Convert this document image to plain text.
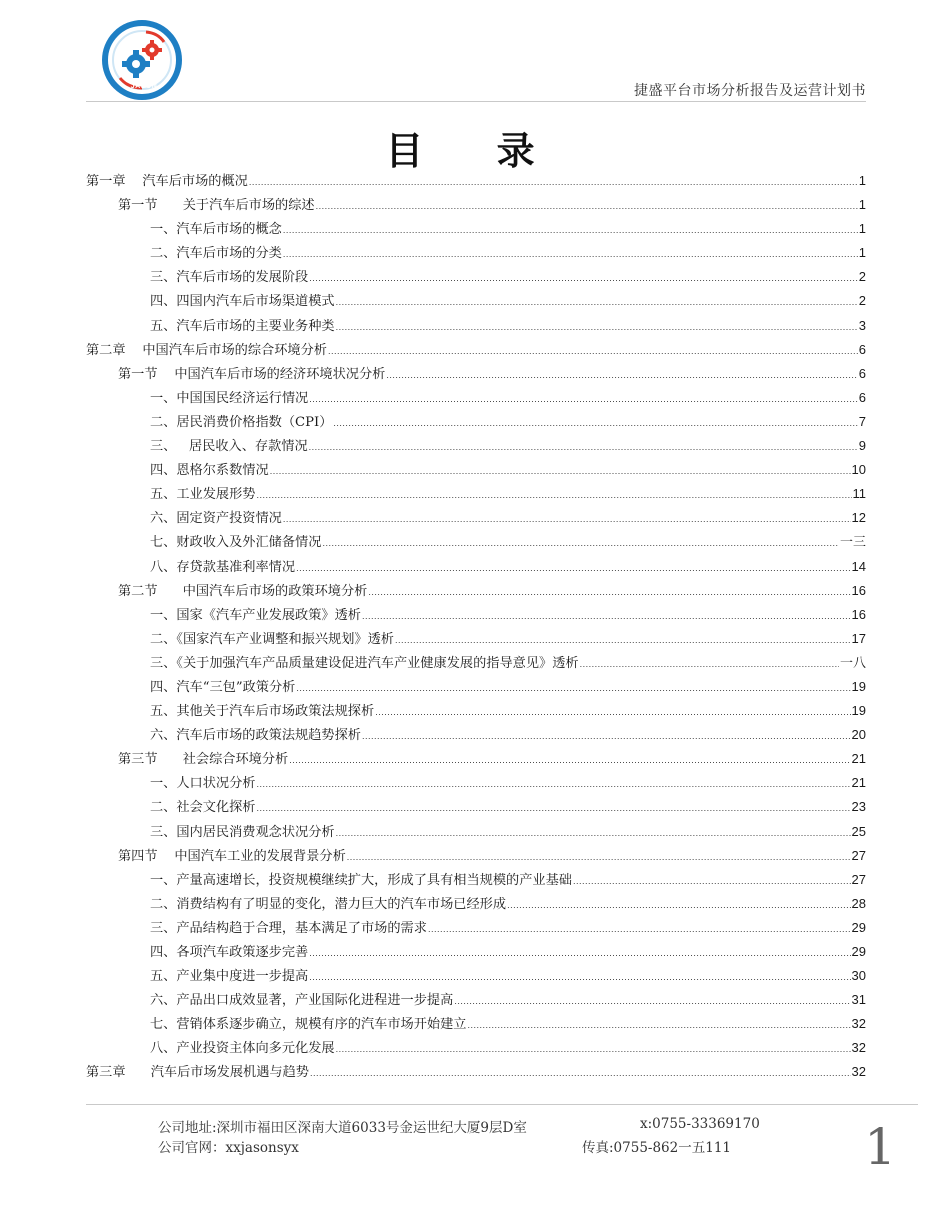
JASON	捷盛平台市场分析报告及运营计划书
目 录
第一章    汽车后市场的概况 .....	1
第一节      关于汽车后市场的综述 .....	1
一、汽车后市场的概念 .....	1
二、汽车后市场的分类 .....	1
三、汽车后市场的发展阶段 .....	2
四、四国内汽车后市场渠道模式 .....	2
五、汽车后市场的主要业务种类 .....	3
第二章    中国汽车后市场的综合环境分析 .....	6
第一节    中国汽车后市场的经济环境状况分析 .....	6
一、中国国民经济运行情况 .....	6
二、居民消费价格指数（CPI） .....	7
三、   居民收入、存款情况 .....	9
四、恩格尔系数情况 .....	10
五、工业发展形势 .....	11
六、固定资产投资情况 .....	12
七、财政收入及外汇储备情况 .....	一三
八、存贷款基准利率情况 .....	14
第二节      中国汽车后市场的政策环境分析 .....	16
一、国家《汽车产业发展政策》透析 .....	16
二、《国家汽车产业调整和振兴规划》透析 .....	17
三、《关于加强汽车产品质量建设促进汽车产业健康发展的指导意见》透析 .....	一八
四、汽车“三包”政策分析 .....	19
五、其他关于汽车后市场政策法规探析 .....	19
六、汽车后市场的政策法规趋势探析 .....	20
第三节      社会综合环境分析 .....	21
一、人口状况分析 .....	21
二、社会文化探析 .....	23
三、国内居民消费观念状况分析 .....	25
第四节    中国汽车工业的发展背景分析 .....	27
一、产量高速增长，投资规模继续扩大，形成了具有相当规模的产业基础 .....	27
二、消费结构有了明显的变化，潜力巨大的汽车市场已经形成 .....	28
三、产品结构趋于合理，基本满足了市场的需求 .....	29
四、各项汽车政策逐步完善 .....	29
五、产业集中度进一步提高 .....	30
六、产品出口成效显著，产业国际化进程进一步提高 .....	31
七、营销体系逐步确立，规模有序的汽车市场开始建立 .....	32
八、产业投资主体向多元化发展 .....	32
第三章      汽车后市场发展机遇与趋势 .....	32
公司地址:深圳市福田区深南大道6033号金运世纪大厦9层D室	x:0755-33369170
公司官网：xxjasonsyx	传真:0755-862一五111	1
